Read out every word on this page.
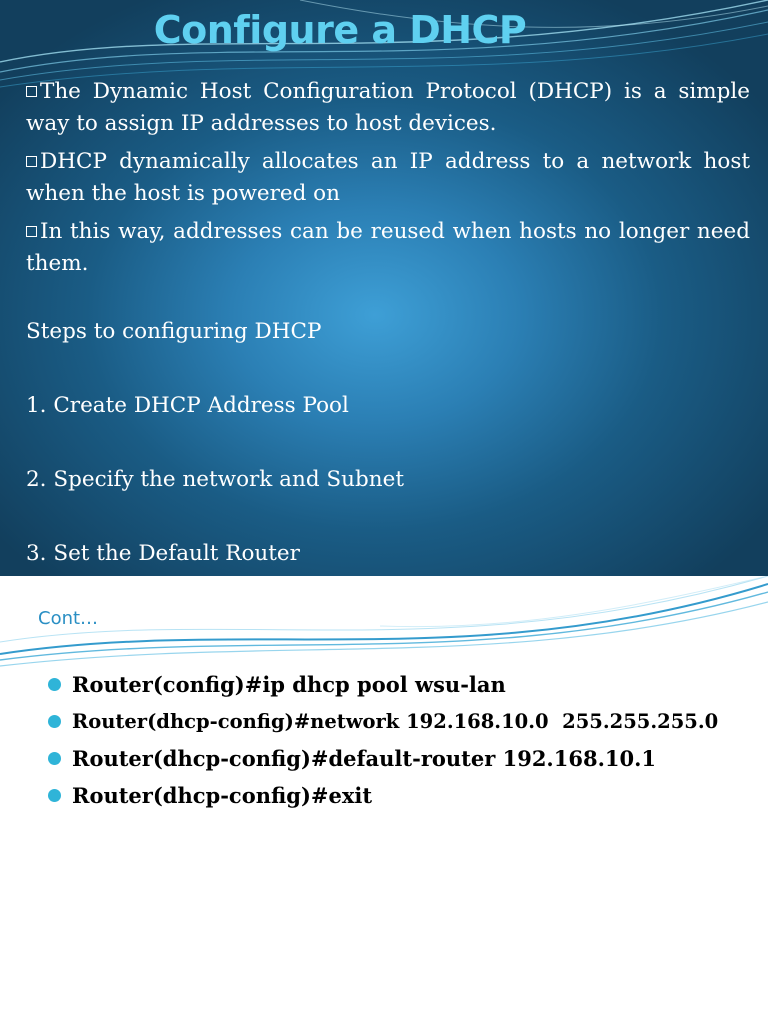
Configure a DHCP

The Dynamic Host Configuration Protocol (DHCP) is a simple way to assign IP addresses to host devices.

DHCP dynamically allocates an IP address to a network host when the host is powered on

In this way, addresses can be reused when hosts no longer need them.

Steps to configuring DHCP

1. Create DHCP Address Pool

2. Specify the network and Subnet

3. Set the Default Router

Cont…
Router(config)#ip dhcp pool wsu-lan
Router(dhcp-config)#network 192.168.10.0  255.255.255.0
Router(dhcp-config)#default-router 192.168.10.1
Router(dhcp-config)#exit
